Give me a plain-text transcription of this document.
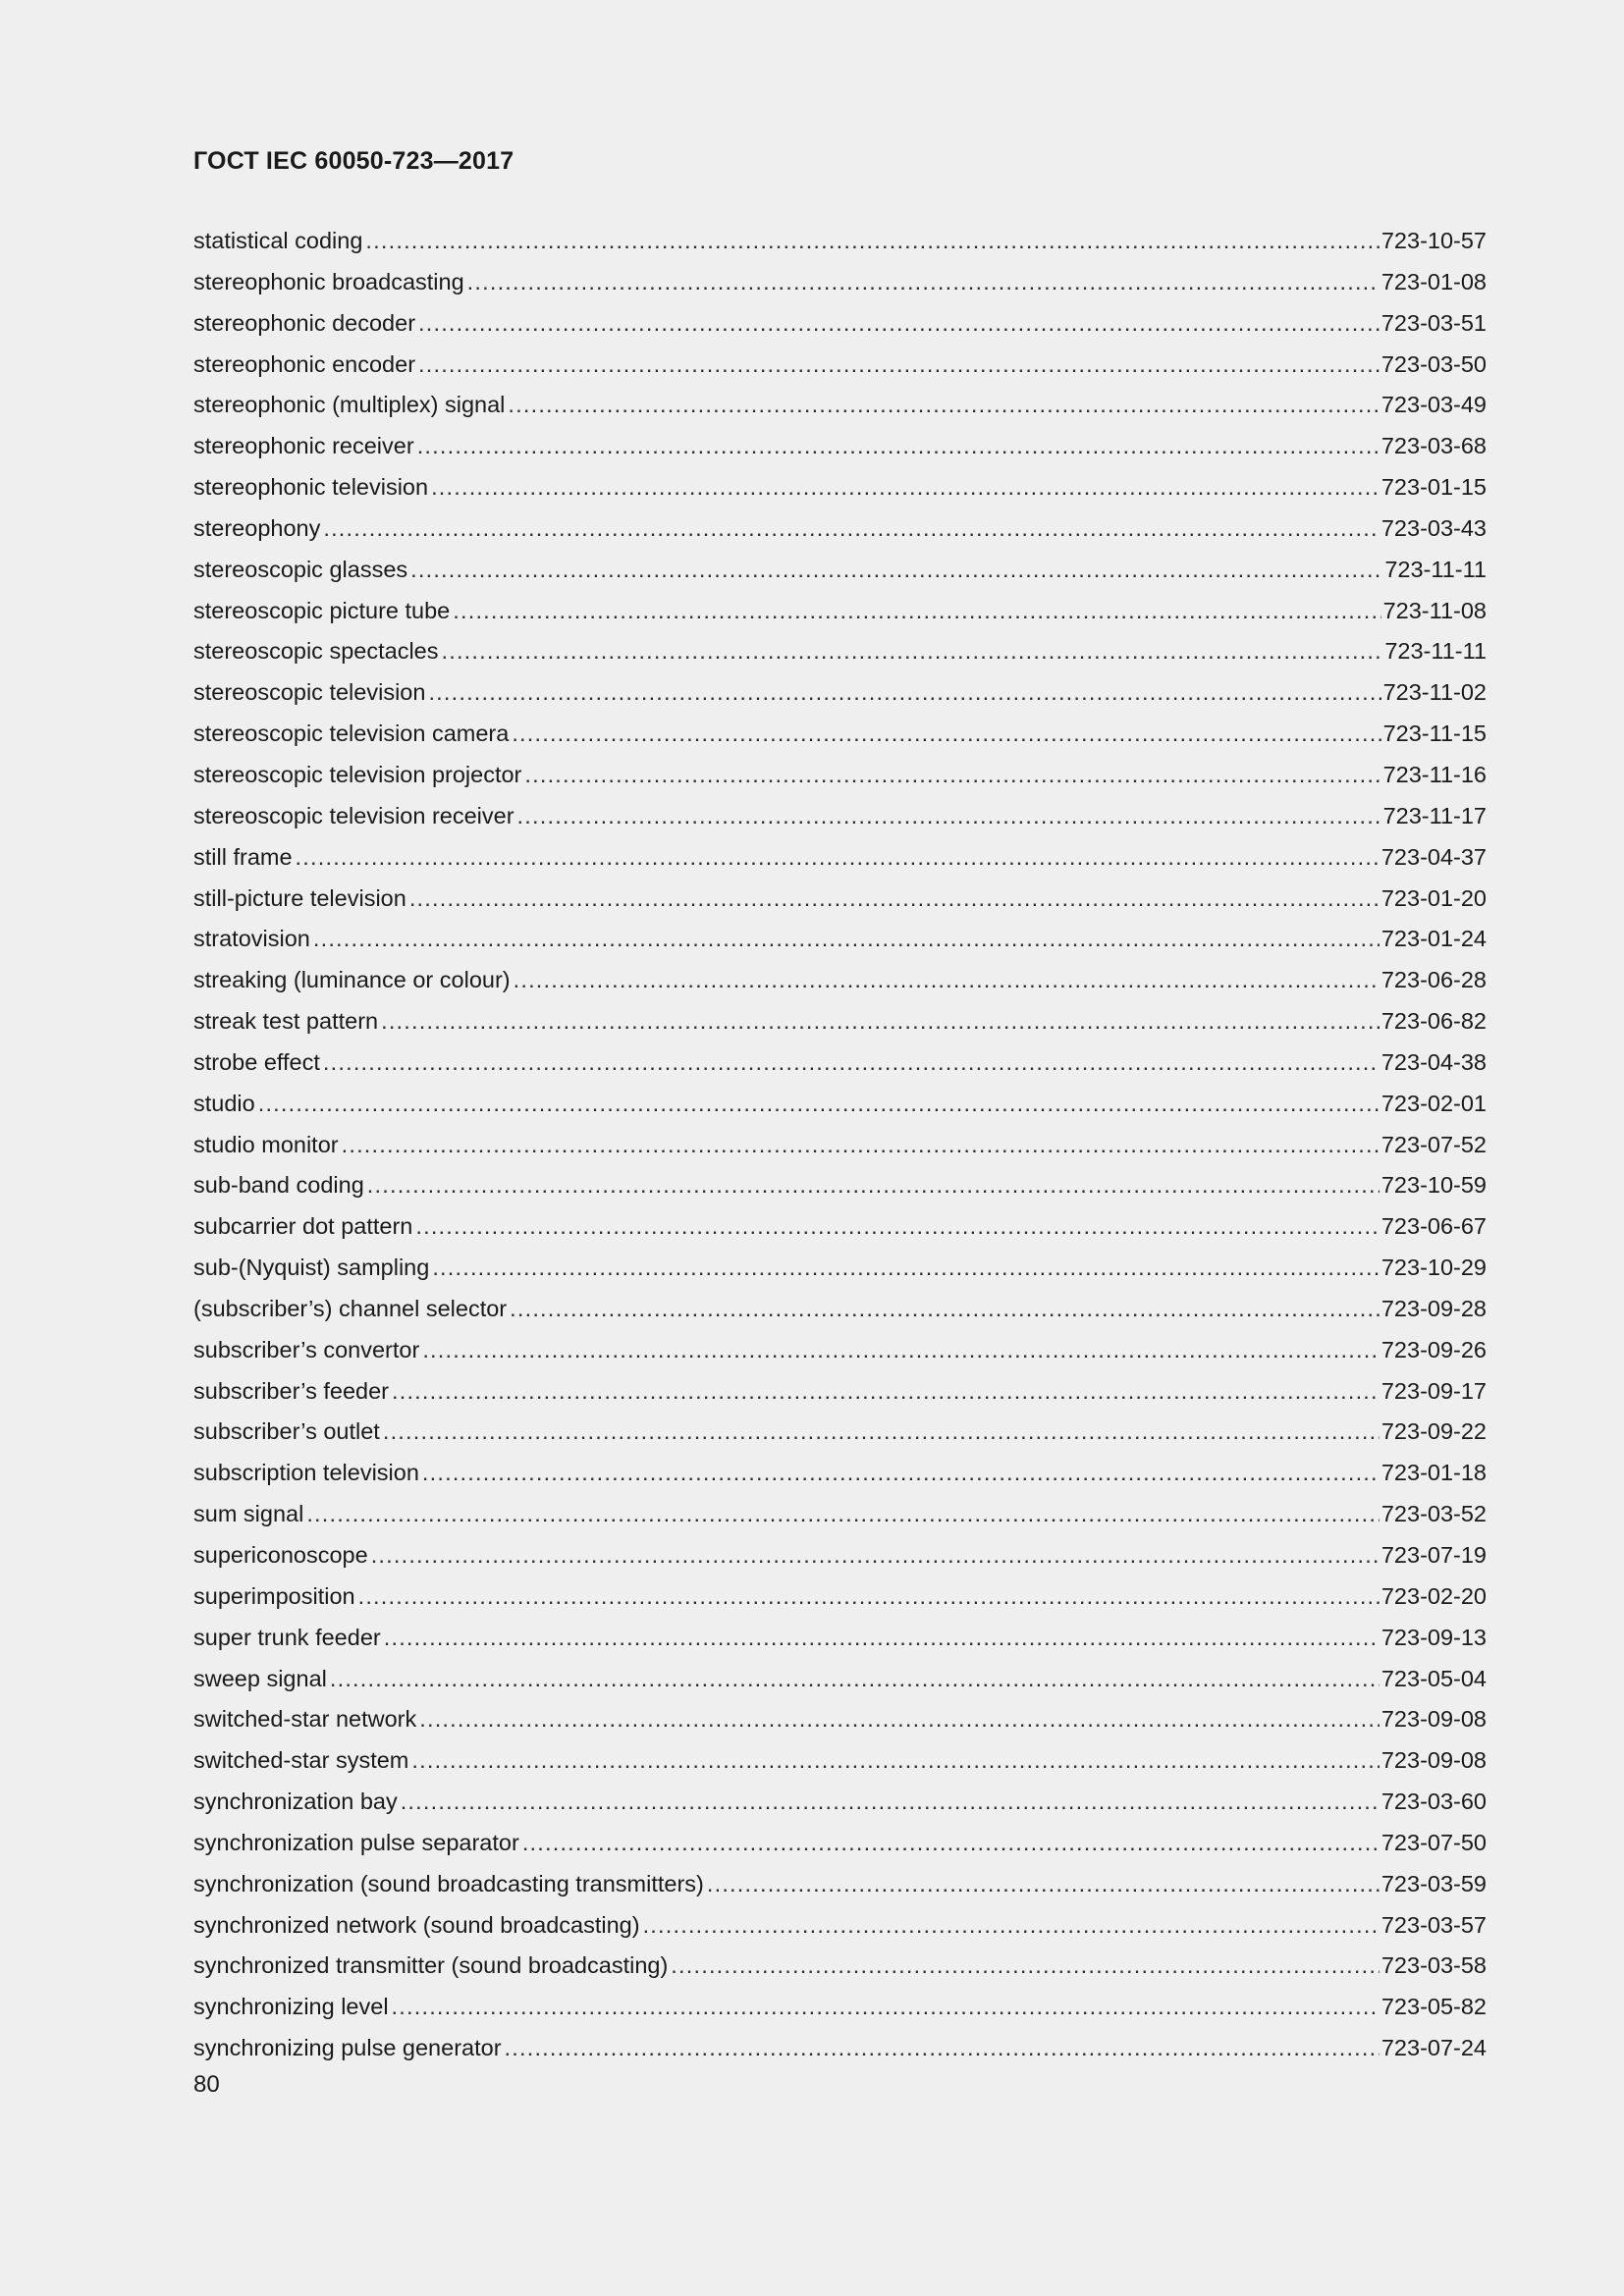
ГОСТ IEC 60050-723—2017
statistical coding .....	723-10-57
stereophonic broadcasting .....	723-01-08
stereophonic decoder .....	723-03-51
stereophonic encoder .....	723-03-50
stereophonic (multiplex) signal .....	723-03-49
stereophonic receiver .....	723-03-68
stereophonic television .....	723-01-15
stereophony .....	723-03-43
stereoscopic glasses .....	723-11-11
stereoscopic picture tube .....	723-11-08
stereoscopic spectacles .....	723-11-11
stereoscopic television .....	723-11-02
stereoscopic television camera .....	723-11-15
stereoscopic television projector .....	723-11-16
stereoscopic television receiver .....	723-11-17
still frame .....	723-04-37
still-picture television .....	723-01-20
stratovision .....	723-01-24
streaking (luminance or colour) .....	723-06-28
streak test pattern .....	723-06-82
strobe effect .....	723-04-38
studio .....	723-02-01
studio monitor .....	723-07-52
sub-band coding .....	723-10-59
subcarrier dot pattern .....	723-06-67
sub-(Nyquist) sampling .....	723-10-29
(subscriber’s) channel selector .....	723-09-28
subscriber’s convertor .....	723-09-26
subscriber’s feeder .....	723-09-17
subscriber’s outlet .....	723-09-22
subscription television .....	723-01-18
sum signal .....	723-03-52
supericonoscope .....	723-07-19
superimposition .....	723-02-20
super trunk feeder .....	723-09-13
sweep signal .....	723-05-04
switched-star network .....	723-09-08
switched-star system .....	723-09-08
synchronization bay .....	723-03-60
synchronization pulse separator .....	723-07-50
synchronization (sound broadcasting transmitters) .....	723-03-59
synchronized network (sound broadcasting) .....	723-03-57
synchronized transmitter (sound broadcasting) .....	723-03-58
synchronizing level .....	723-05-82
synchronizing pulse generator .....	723-07-24
80
